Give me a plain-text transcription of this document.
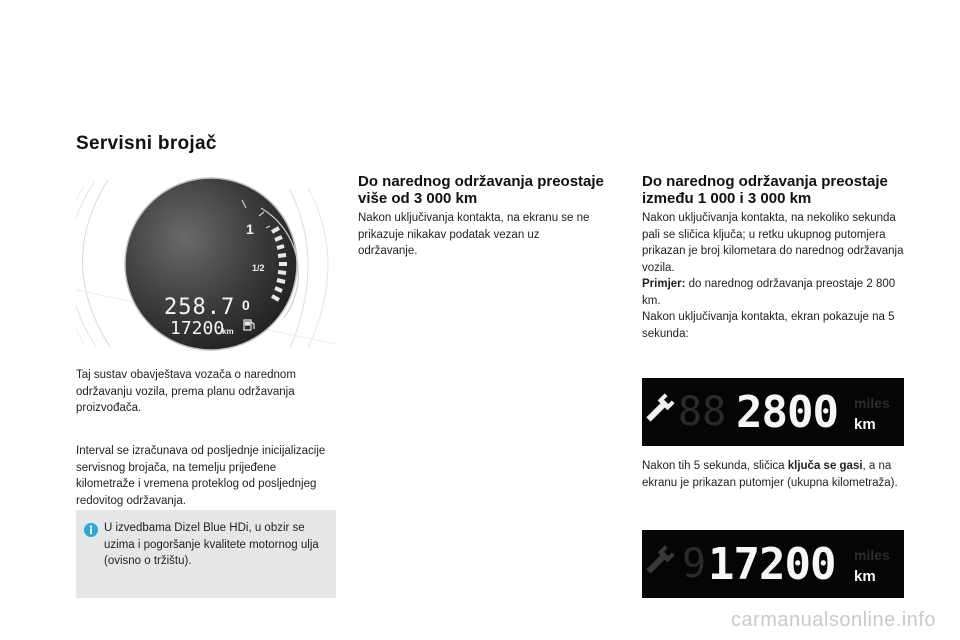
Servisni brojač
1
1/2
0
258.7
17200
km
Taj sustav obavještava vozača o narednom održavanju vozila, prema planu održavanja proizvođača.
Interval se izračunava od posljednje inicijalizacije servisnog brojača, na temelju prijeđene kilometraže i vremena proteklog od posljednjeg redovitog održavanja.
U izvedbama Dizel Blue HDi, u obzir se uzima i pogoršanje kvalitete motornog ulja (ovisno o tržištu).
Do narednog održavanja preostaje više od 3 000 km
Nakon uključivanja kontakta, na ekranu se ne prikazuje nikakav podatak vezan uz održavanje.
Do narednog održavanja preostaje između 1 000 i 3 000 km
Nakon uključivanja kontakta, na nekoliko sekunda pali se sličica ključa; u retku ukupnog putomjera prikazan je broj kilometara do narednog održavanja vozila.
Primjer: do narednog održavanja preostaje 2 800 km.
Nakon uključivanja kontakta, ekran pokazuje na 5 sekunda:
88 2800 miles
km
Nakon tih 5 sekunda, sličica ključa se gasi, a na ekranu je prikazan putomjer (ukupna kilometraža).
9 17200 miles
km
carmanualsonline.info
